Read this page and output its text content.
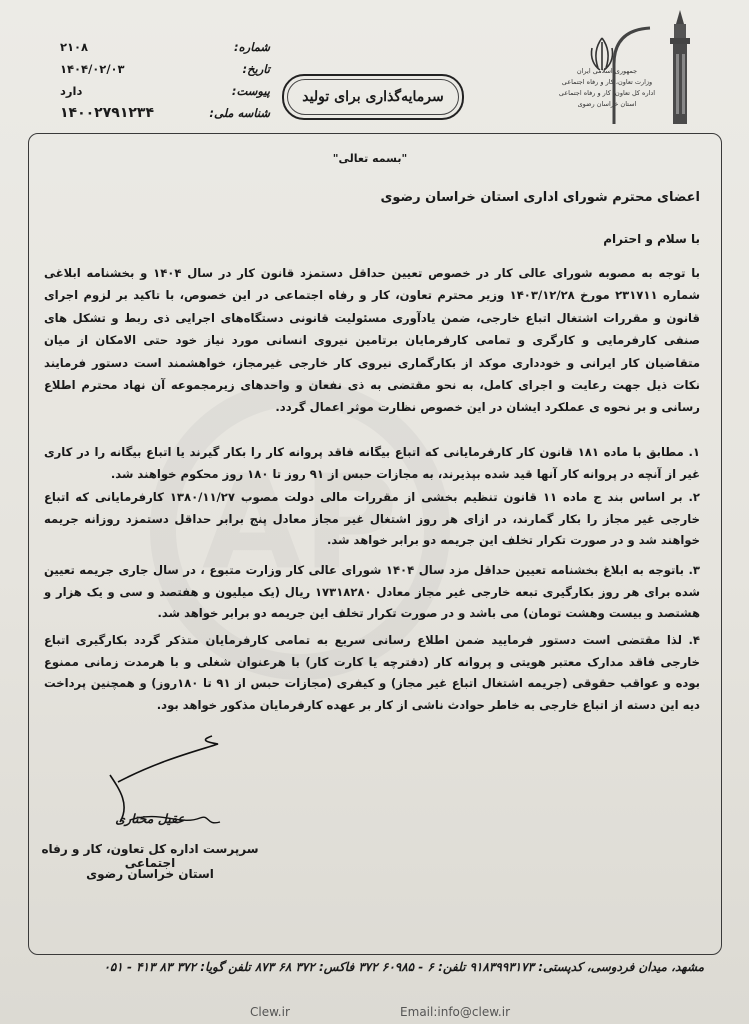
AP
شماره:
۲۱۰۸
تاریخ:
۱۴۰۴/۰۲/۰۳
پیوست:
دارد
شناسه ملی:
۱۴۰۰۲۷۹۱۲۳۴
سرمایه‌گذاری برای تولید
جمهوری اسلامی ایران
وزارت تعاون، کار و رفاه اجتماعی
اداره کل تعاون، کار و رفاه اجتماعی استان خراسان رضوی
"بسمه تعالی"
اعضای محترم شورای اداری استان خراسان رضوی
با سلام و احترام
با توجه به مصوبه شورای عالی کار در خصوص تعیین حداقل دستمزد قانون کار در سال ۱۴۰۴ و بخشنامه ابلاغی شماره ۲۳۱۷۱۱ مورخ ۱۴۰۳/۱۲/۲۸ وزیر محترم تعاون، کار و رفاه اجتماعی در این خصوص، با تاکید بر لزوم اجرای قانون و مقررات اشتغال اتباع خارجی، ضمن یادآوری مسئولیت قانونی دستگاه‌های اجرایی ذی ربط و تشکل های صنفی کارفرمایی و کارگری و تمامی کارفرمایان برتامین نیروی انسانی مورد نیاز خود حتی الامکان از میان متقاضیان کار ایرانی و خودداری موکد از بکارگماری نیروی کار خارجی غیرمجاز، خواهشمند است دستور فرمایند نکات ذیل جهت رعایت و اجرای کامل، به نحو مقتضی به ذی نفعان و واحدهای زیرمجموعه آن نهاد محترم اطلاع رسانی و بر نحوه ی عملکرد ایشان در این خصوص نظارت موثر اعمال گردد.
۱. مطابق با ماده ۱۸۱ قانون کار کارفرمایانی که اتباع بیگانه فاقد پروانه کار را بکار گیرند یا اتباع بیگانه را در کاری غیر از آنچه در پروانه کار آنها قید شده بپذیرند، به مجازات حبس از ۹۱ روز تا ۱۸۰ روز محکوم خواهند شد.
۲. بر اساس بند ج ماده ۱۱ قانون تنظیم بخشی از مقررات مالی دولت مصوب ۱۳۸۰/۱۱/۲۷ کارفرمایانی که اتباع خارجی غیر مجاز را بکار گمارند، در ازای هر روز اشتغال غیر مجاز معادل پنج برابر حداقل دستمزد روزانه جریمه خواهند شد و در صورت تکرار تخلف این جریمه دو برابر خواهد شد.
۳. باتوجه به ابلاغ بخشنامه تعیین حداقل مزد سال ۱۴۰۴ شورای عالی کار وزارت متبوع ، در سال جاری جریمه تعیین شده برای هر روز بکارگیری تبعه خارجی غیر مجاز معادل ۱۷۳۱۸۲۸۰ ریال (یک میلیون و هفتصد و سی و یک هزار و هشتصد و بیست وهشت تومان) می باشد و در صورت تکرار تخلف این جریمه دو برابر خواهد شد.
۴. لذا مقتضی است دستور فرمایید ضمن اطلاع رسانی سریع به تمامی کارفرمایان متذکر گردد بکارگیری اتباع خارجی فاقد مدارک معتبر هویتی و پروانه کار (دفترچه یا کارت کار) با هرعنوان شغلی و با هرمدت زمانی ممنوع بوده و عواقب حقوقی (جریمه اشتغال اتباع غیر مجاز) و کیفری (مجازات حبس از ۹۱ تا ۱۸۰روز) و همچنین پرداخت دیه این دسته از اتباع خارجی به خاطر حوادث ناشی از کار بر عهده کارفرمایان مذکور خواهد بود.
عقیل مختاری
سرپرست اداره کل تعاون، کار و رفاه اجتماعی
استان خراسان رضوی
مشهد، میدان فردوسی، کدپستی: ۹۱۸۳۹۹۳۱۷۳ تلفن: ۶ - ۶۰۹۸۵ ۳۷۲ فاکس: ۳۷۲ ۶۸ ۸۷۳ تلفن گویا: ۳۷۲ ۸۳ ۴۱۳ - ۰۵۱
Clew.ir	Email:info@clew.ir
